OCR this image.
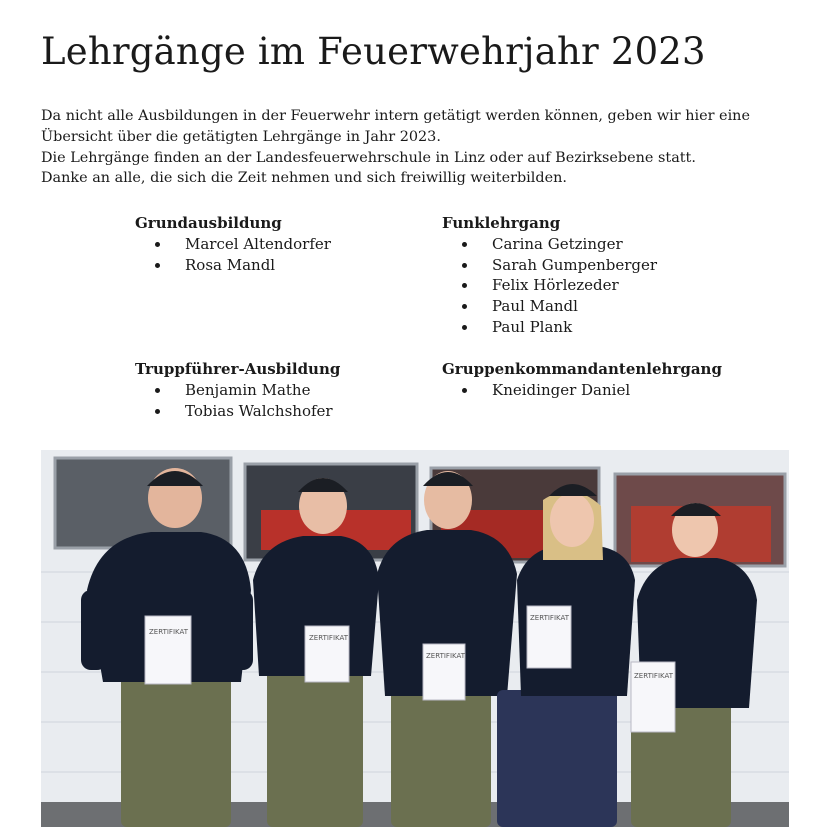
Lehrgänge im Feuerwehrjahr 2023
Da nicht alle Ausbildungen in der Feuerwehr intern getätigt werden können, geben wir hier eine
Übersicht über die getätigten Lehrgänge in Jahr 2023.
Die Lehrgänge finden an der Landesfeuerwehrschule in Linz oder auf Bezirksebene statt.
Danke an alle, die sich die Zeit nehmen und sich freiwillig weiterbilden.
Grundausbildung
Marcel Altendorfer
Rosa Mandl
Funklehrgang
Carina Getzinger
Sarah Gumpenberger
Felix Hörlezeder
Paul Mandl
Paul Plank
Truppführer-Ausbildung
Benjamin Mathe
Tobias Walchshofer
Gruppenkommandantenlehrgang
Kneidinger Daniel
ZERTIFIKAT
ZERTIFIKAT
ZERTIFIKAT
ZERTIFIKAT
ZERTIFIKAT
